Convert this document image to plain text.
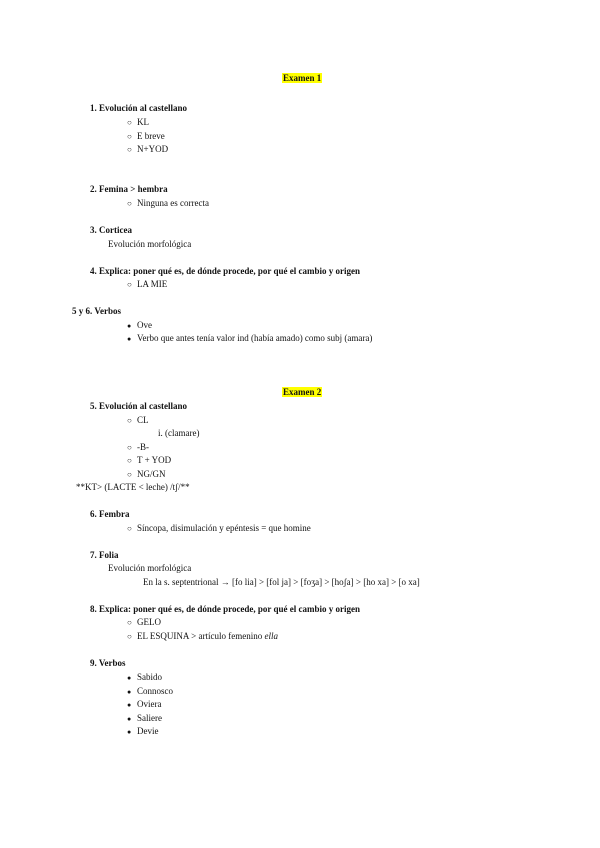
Examen 1
1. Evolución al castellano
○KL
○E breve
○N+YOD
2. Femina > hembra
○Ninguna es correcta
3. Corticea
Evolución morfológica
4. Explica: poner qué es, de dónde procede, por qué el cambio y origen
○LA MIE
5 y 6. Verbos
●Ove
●Verbo que antes tenía valor ind (había amado) como subj (amara)
Examen 2
5. Evolución al castellano
○CL
i. (clamare)
○-B-
○T + YOD
○NG/GN
**KT> (LACTE < leche) /tʃ/**
6. Fembra
○Síncopa, disimulación y epéntesis = que homine
7. Folia
Evolución morfológica
En la s. septentrional → [fo lia] > [fol ja] > [foʒa] > [hoʃa] > [ho xa] > [o xa]
8. Explica: poner qué es, de dónde procede, por qué el cambio y origen
○GELO
○EL ESQUINA > artículo femenino ella
9. Verbos
●Sabido
●Connosco
●Oviera
●Saliere
●Devie
